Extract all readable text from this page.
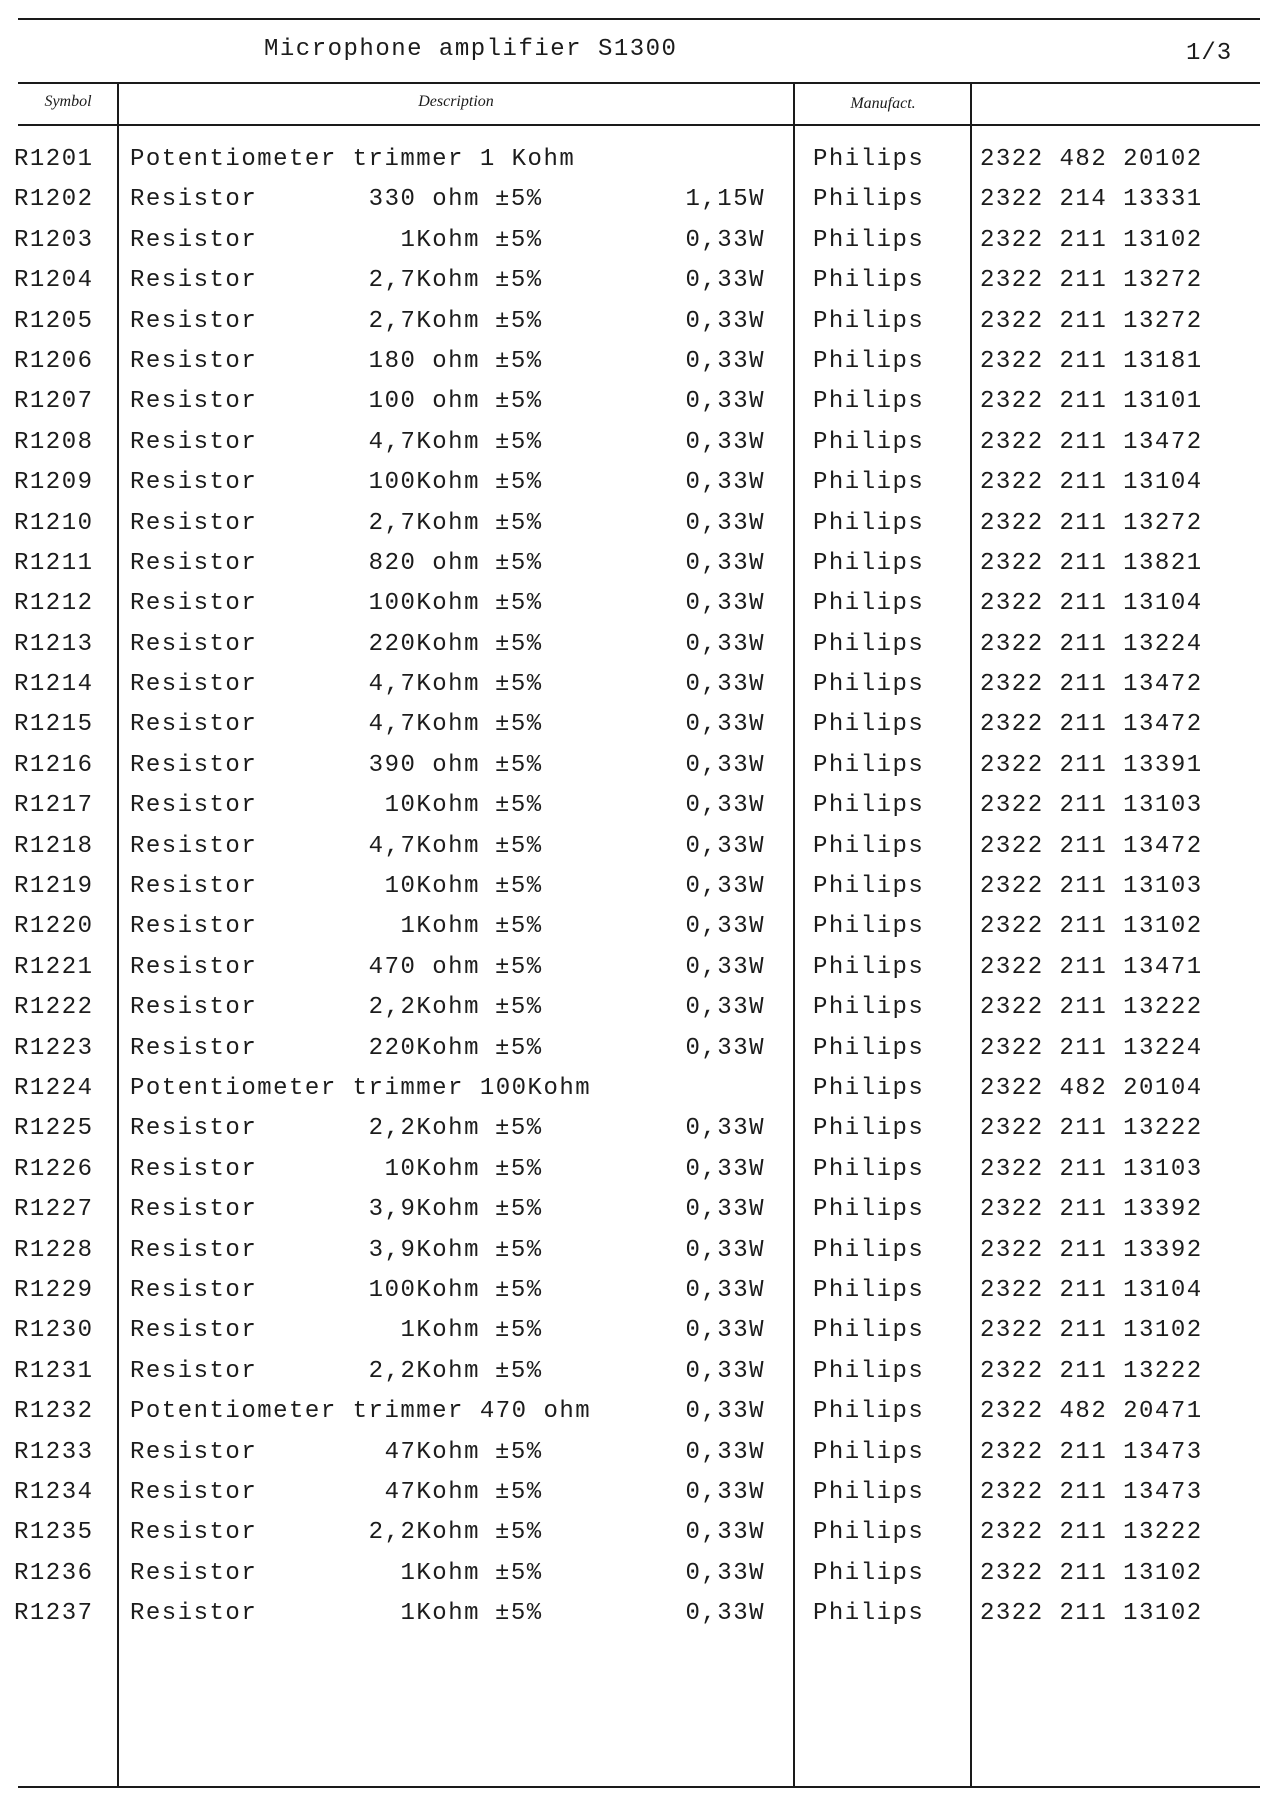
Microphone amplifier S1300	1/3
Symbol	Description	Manufact.
R1201 Potentiometer trimmer 1 Kohm	Philips 2322 482 20102
R1202 Resistor	330 ohm ±5%	1,15W Philips 2322 214 13331
R1203 Resistor	1Kohm ±5%	0,33W Philips 2322 211 13102
R1204 Resistor	2,7Kohm ±5%	0,33W Philips 2322 211 13272
R1205 Resistor	2,7Kohm ±5%	0,33W Philips 2322 211 13272
R1206 Resistor	180 ohm ±5%	0,33W Philips 2322 211 13181
R1207 Resistor	100 ohm ±5%	0,33W Philips 2322 211 13101
R1208 Resistor	4,7Kohm ±5%	0,33W Philips 2322 211 13472
R1209 Resistor	100Kohm ±5%	0,33W Philips 2322 211 13104
R1210 Resistor	2,7Kohm ±5%	0,33W Philips 2322 211 13272
R1211 Resistor	820 ohm ±5%	0,33W Philips 2322 211 13821
R1212 Resistor	100Kohm ±5%	0,33W Philips 2322 211 13104
R1213 Resistor	220Kohm ±5%	0,33W Philips 2322 211 13224
R1214 Resistor	4,7Kohm ±5%	0,33W Philips 2322 211 13472
R1215 Resistor	4,7Kohm ±5%	0,33W Philips 2322 211 13472
R1216 Resistor	390 ohm ±5%	0,33W Philips 2322 211 13391
R1217 Resistor	10Kohm ±5%	0,33W Philips 2322 211 13103
R1218 Resistor	4,7Kohm ±5%	0,33W Philips 2322 211 13472
R1219 Resistor	10Kohm ±5%	0,33W Philips 2322 211 13103
R1220 Resistor	1Kohm ±5%	0,33W Philips 2322 211 13102
R1221 Resistor	470 ohm ±5%	0,33W Philips 2322 211 13471
R1222 Resistor	2,2Kohm ±5%	0,33W Philips 2322 211 13222
R1223 Resistor	220Kohm ±5%	0,33W Philips 2322 211 13224
R1224 Potentiometer trimmer 100Kohm	Philips 2322 482 20104
R1225 Resistor	2,2Kohm ±5%	0,33W Philips 2322 211 13222
R1226 Resistor	10Kohm ±5%	0,33W Philips 2322 211 13103
R1227 Resistor	3,9Kohm ±5%	0,33W Philips 2322 211 13392
R1228 Resistor	3,9Kohm ±5%	0,33W Philips 2322 211 13392
R1229 Resistor	100Kohm ±5%	0,33W Philips 2322 211 13104
R1230 Resistor	1Kohm ±5%	0,33W Philips 2322 211 13102
R1231 Resistor	2,2Kohm ±5%	0,33W Philips 2322 211 13222
R1232 Potentiometer trimmer 470 ohm	0,33W Philips 2322 482 20471
R1233 Resistor	47Kohm ±5%	0,33W Philips 2322 211 13473
R1234 Resistor	47Kohm ±5%	0,33W Philips 2322 211 13473
R1235 Resistor	2,2Kohm ±5%	0,33W Philips 2322 211 13222
R1236 Resistor	1Kohm ±5%	0,33W Philips 2322 211 13102
R1237 Resistor	1Kohm ±5%	0,33W Philips 2322 211 13102
